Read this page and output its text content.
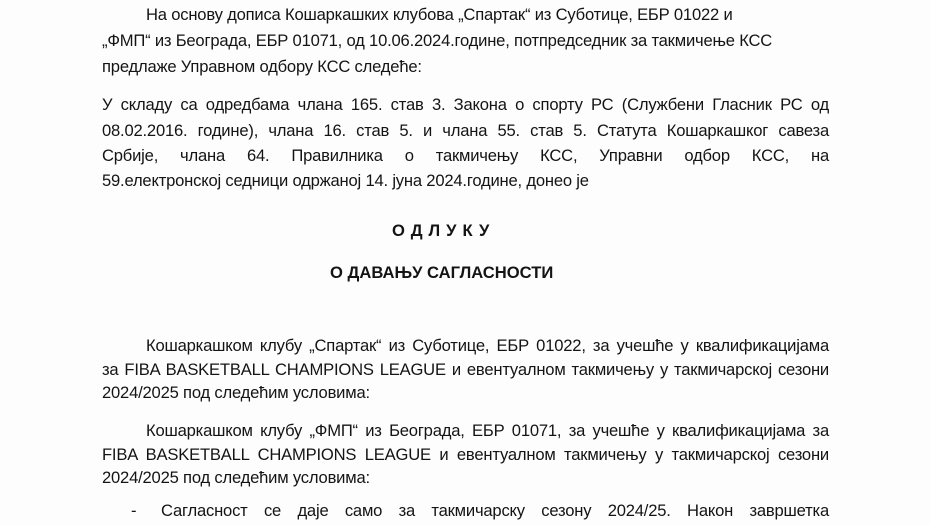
На основу дописа Кошаркашких клубова „Спартак“ из Суботице, ЕБР 01022 и
„ФМП“ из Београда, ЕБР 01071, од 10.06.2024.године, потпредседник за такмичење КСС
предлаже Управном одбору КСС следеће:
У складу са одредбама члана 165. став 3. Закона о спорту РС (Службени Гласник РС од
08.02.2016. године), члана 16. став 5. и члана 55. став 5. Статута Кошаркашког савеза
Србије, члана 64. Правилника о такмичењу КСС, Управни одбор КСС, на
59.електронској седници одржаној 14. јуна 2024.године, донео је
ОДЛУКУ
О ДАВАЊУ САГЛАСНОСТИ
Кошаркашком клубу „Спартак“ из Суботице, ЕБР 01022, за учешће у квалификацијама
за FIBA BASKETBALL CHAMPIONS LEAGUE и евентуалном такмичењу у такмичарској сезони
2024/2025 под следећим условима:
Кошаркашком клубу „ФМП“ из Београда, ЕБР 01071, за учешће у квалификацијама за
FIBA BASKETBALL CHAMPIONS LEAGUE и евентуалном такмичењу у такмичарској сезони
2024/2025 под следећим условима:
- Сагласност се даје само за такмичарску сезону 2024/25. Након завршетка
